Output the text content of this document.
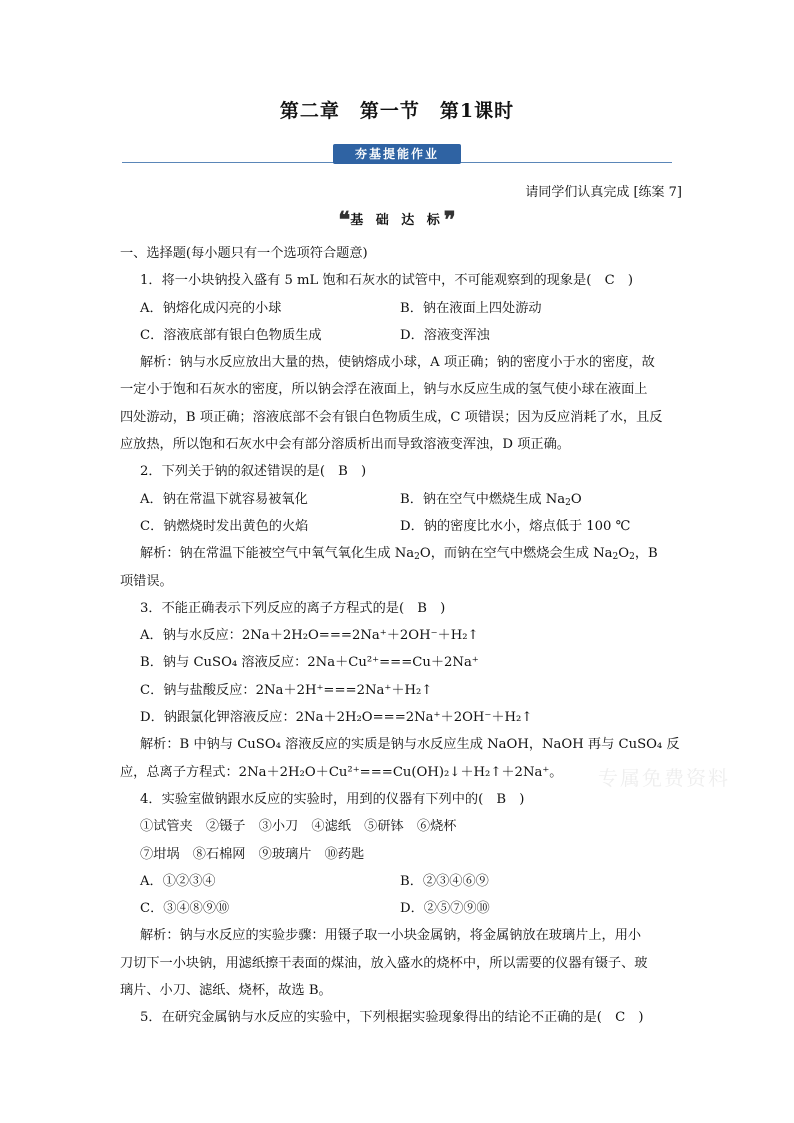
第二章　第一节　第1课时
夯基提能作业
请同学们认真完成 [练案 7]
❝基 础 达 标❞
专属免费资料
一、选择题(每小题只有一个选项符合题意)
1．将一小块钠投入盛有 5 mL 饱和石灰水的试管中，不可能观察到的现象是(　C　)
A．钠熔化成闪亮的小球	B．钠在液面上四处游动
C．溶液底部有银白色物质生成	D．溶液变浑浊
解析：钠与水反应放出大量的热，使钠熔成小球，A 项正确；钠的密度小于水的密度，故
一定小于饱和石灰水的密度，所以钠会浮在液面上，钠与水反应生成的氢气使小球在液面上
四处游动，B 项正确；溶液底部不会有银白色物质生成，C 项错误；因为反应消耗了水，且反
应放热，所以饱和石灰水中会有部分溶质析出而导致溶液变浑浊，D 项正确。
2．下列关于钠的叙述错误的是(　B　)
A．钠在常温下就容易被氧化	B．钠在空气中燃烧生成 $Na_2O$
C．钠燃烧时发出黄色的火焰	D．钠的密度比水小，熔点低于 100 ℃
解析：钠在常温下能被空气中氧气氧化生成 $Na_2O$，而钠在空气中燃烧会生成 $Na_2O_2$，B
项错误。
3．不能正确表示下列反应的离子方程式的是(　B　)
A．钠与水反应：2Na＋2H₂O===2Na⁺＋2OH⁻＋H₂↑
B．钠与 CuSO₄ 溶液反应：2Na＋Cu²⁺===Cu＋2Na⁺
C．钠与盐酸反应：2Na＋2H⁺===2Na⁺＋H₂↑
D．钠跟氯化钾溶液反应：2Na＋2H₂O===2Na⁺＋2OH⁻＋H₂↑
解析：B 中钠与 CuSO₄ 溶液反应的实质是钠与水反应生成 NaOH，NaOH 再与 CuSO₄ 反
应，总离子方程式：2Na＋2H₂O＋Cu²⁺===Cu(OH)₂↓＋H₂↑＋2Na⁺。
4．实验室做钠跟水反应的实验时，用到的仪器有下列中的(　B　)
①试管夹　②镊子　③小刀　④滤纸　⑤研钵　⑥烧杯
⑦坩埚　⑧石棉网　⑨玻璃片　⑩药匙
A．①②③④	B．②③④⑥⑨
C．③④⑧⑨⑩	D．②⑤⑦⑨⑩
解析：钠与水反应的实验步骤：用镊子取一小块金属钠，将金属钠放在玻璃片上，用小
刀切下一小块钠，用滤纸擦干表面的煤油，放入盛水的烧杯中，所以需要的仪器有镊子、玻
璃片、小刀、滤纸、烧杯，故选 B。
5．在研究金属钠与水反应的实验中，下列根据实验现象得出的结论不正确的是(　C　)
